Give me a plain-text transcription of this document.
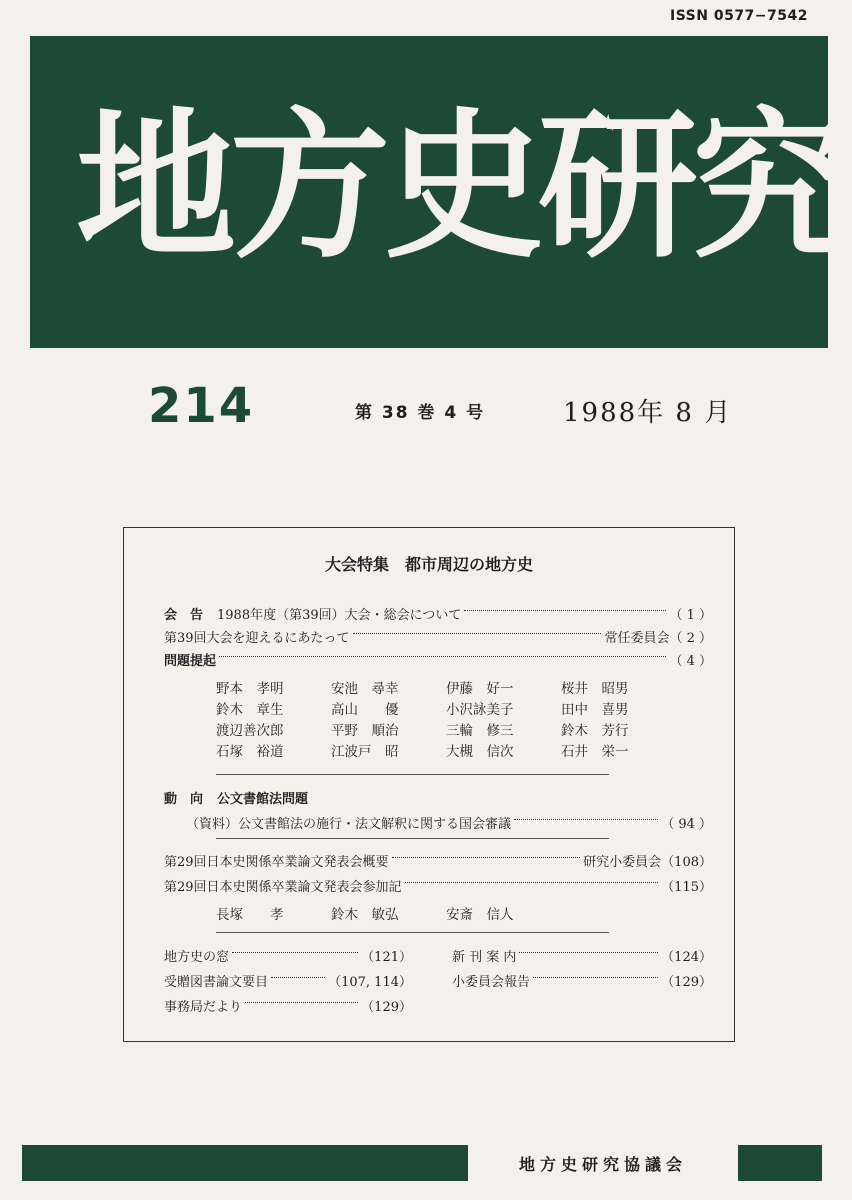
ISSN 0577−7542
地方史研究
214	第 38 巻 4 号	1988年 8 月
大会特集　都市周辺の地方史
会　告 1988年度（第39回）大会・総会について	（ 1 ）
第39回大会を迎えるにあたって	常任委員会 （ 2 ）
問題提起	（ 4 ）
野本　孝明	安池　尋幸	伊藤　好一	桜井　昭男
鈴木　章生	高山　　優	小沢詠美子	田中　喜男
渡辺善次郎	平野　順治	三輪　修三	鈴木　芳行
石塚　裕道	江波戸　昭	大槻　信次	石井　栄一
動　向 公文書館法問題
（資料）公文書館法の施行・法文解釈に関する国会審議	（ 94 ）
第29回日本史関係卒業論文発表会概要	研究小委員会 （108）
第29回日本史関係卒業論文発表会参加記	（115）
長塚　　孝	鈴木　敏弘	安斎　信人
地方史の窓	（121）	新 刊 案 内	（124）
受贈図書論文要目	（107, 114）	小委員会報告	（129）
事務局だより	（129）
地方史研究協議会
